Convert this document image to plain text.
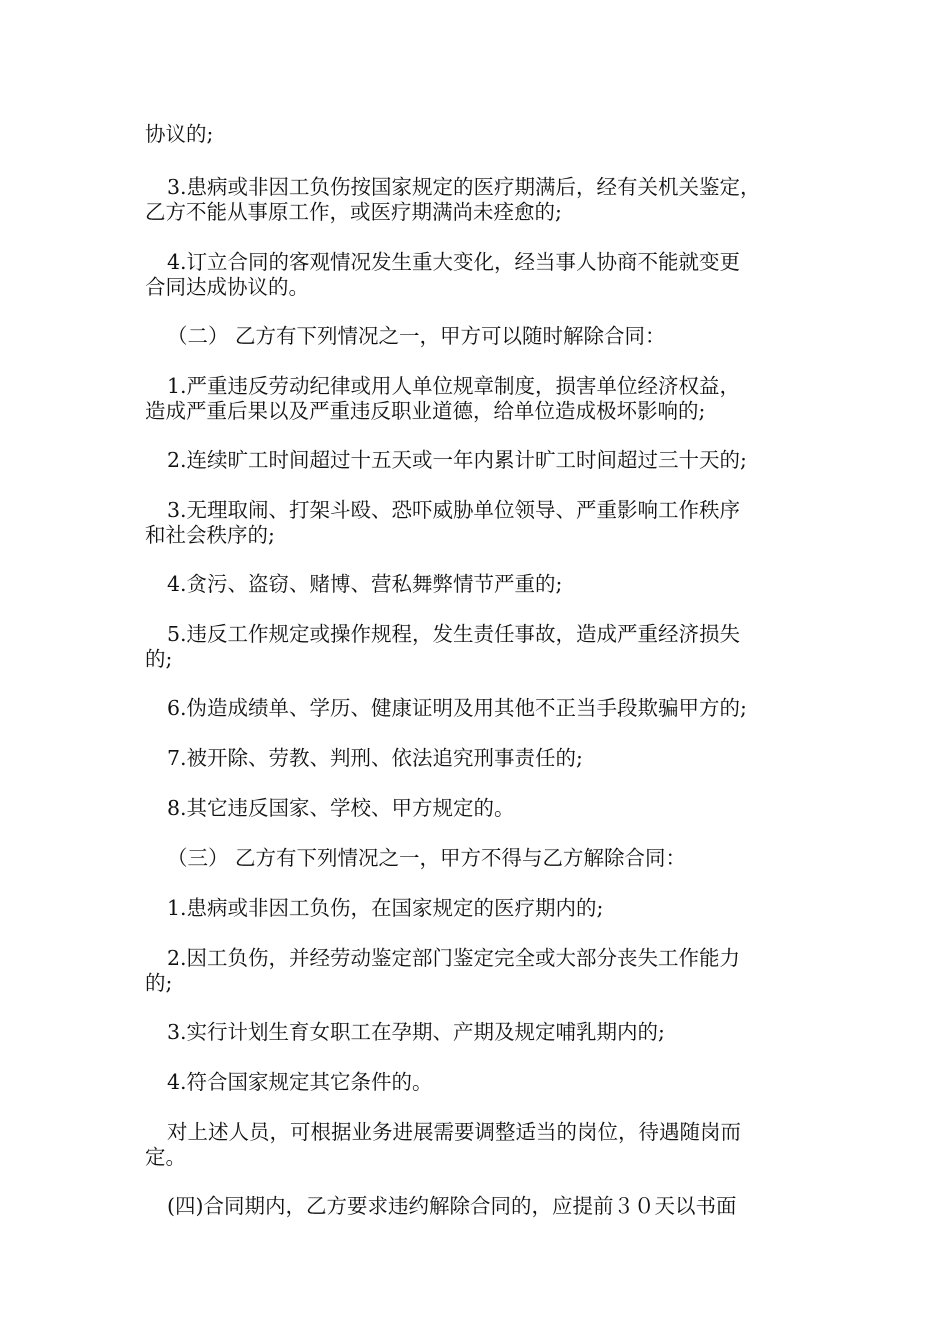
协议的;
3.患病或非因工负伤按国家规定的医疗期满后，经有关机关鉴定，
乙方不能从事原工作，或医疗期满尚未痊愈的;
4.订立合同的客观情况发生重大变化，经当事人协商不能就变更
合同达成协议的。
（二） 乙方有下列情况之一，甲方可以随时解除合同：
1.严重违反劳动纪律或用人单位规章制度，损害单位经济权益，
造成严重后果以及严重违反职业道德，给单位造成极坏影响的;
2.连续旷工时间超过十五天或一年内累计旷工时间超过三十天的;
3.无理取闹、打架斗殴、恐吓威胁单位领导、严重影响工作秩序
和社会秩序的;
4.贪污、盗窃、赌博、营私舞弊情节严重的;
5.违反工作规定或操作规程，发生责任事故，造成严重经济损失
的;
6.伪造成绩单、学历、健康证明及用其他不正当手段欺骗甲方的;
7.被开除、劳教、判刑、依法追究刑事责任的;
8.其它违反国家、学校、甲方规定的。
（三） 乙方有下列情况之一，甲方不得与乙方解除合同：
1.患病或非因工负伤，在国家规定的医疗期内的;
2.因工负伤，并经劳动鉴定部门鉴定完全或大部分丧失工作能力
的;
3.实行计划生育女职工在孕期、产期及规定哺乳期内的;
4.符合国家规定其它条件的。
对上述人员，可根据业务进展需要调整适当的岗位，待遇随岗而
定。
(四)合同期内，乙方要求违约解除合同的，应提前３０天以书面
